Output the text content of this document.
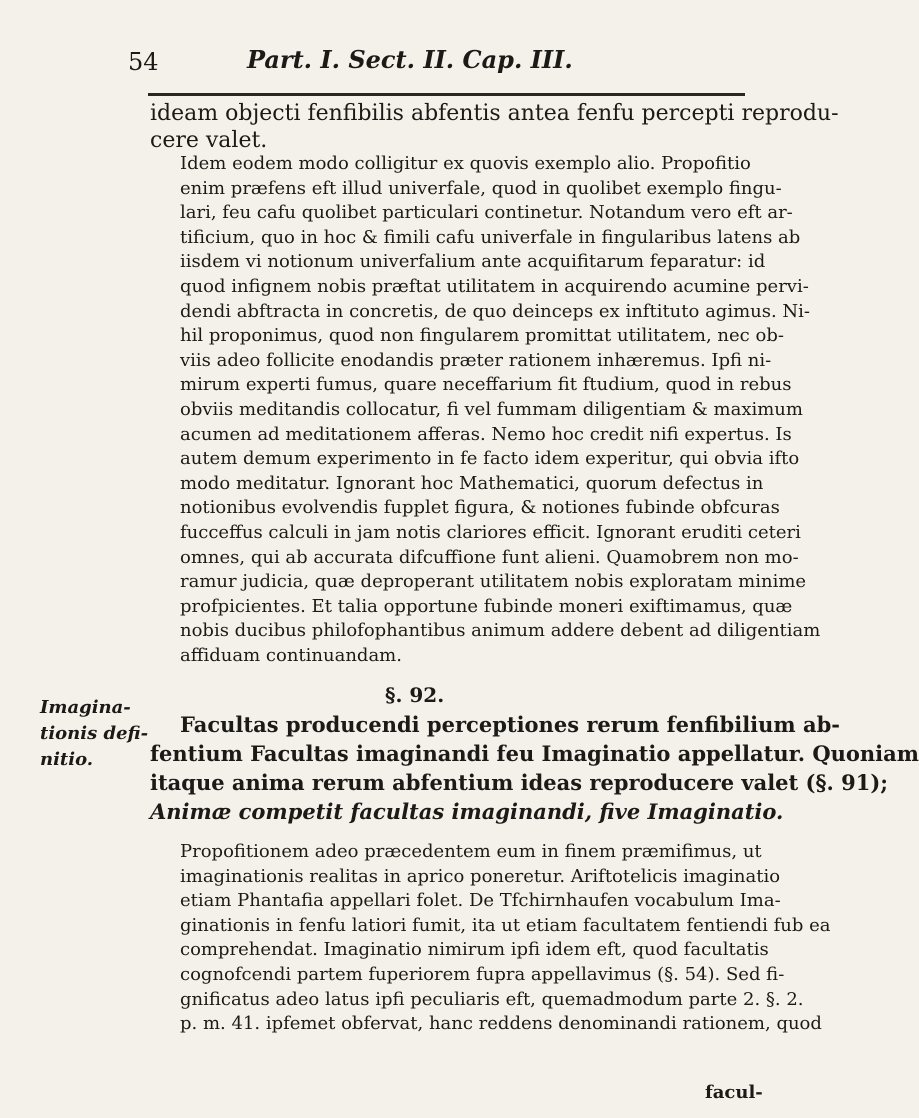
54	Part. I. Sect. II. Cap. III.
ideam objecti fenfibilis abfentis antea fenfu percepti reprodu-
cere valet.
Idem eodem modo colligitur ex quovis exemplo alio. Propofitio
enim præfens eft illud univerfale, quod in quolibet exemplo fingu-
lari, feu cafu quolibet particulari continetur. Notandum vero eft ar-
tificium, quo in hoc & fimili cafu univerfale in fingularibus latens ab
iisdem vi notionum univerfalium ante acquifitarum feparatur: id
quod infignem nobis præftat utilitatem in acquirendo acumine pervi-
dendi abftracta in concretis, de quo deinceps ex inftituto agimus. Ni-
hil proponimus, quod non fingularem promittat utilitatem, nec ob-
viis adeo follicite enodandis præter rationem inhæremus. Ipfi ni-
mirum experti fumus, quare neceffarium fit ftudium, quod in rebus
obviis meditandis collocatur, fi vel fummam diligentiam & maximum
acumen ad meditationem afferas. Nemo hoc credit nifi expertus. Is
autem demum experimento in fe facto idem experitur, qui obvia ifto
modo meditatur. Ignorant hoc Mathematici, quorum defectus in
notionibus evolvendis fupplet figura, & notiones fubinde obfcuras
fucceffus calculi in jam notis clariores efficit. Ignorant eruditi ceteri
omnes, qui ab accurata difcuffione funt alieni. Quamobrem non mo-
ramur judicia, quæ deproperant utilitatem nobis exploratam minime
profpicientes. Et talia opportune fubinde moneri exiftimamus, quæ
nobis ducibus philofophantibus animum addere debent ad diligentiam
affiduam continuandam.
§. 92.
Imagina-
tionis defi-
nitio.
Facultas producendi perceptiones rerum fenfibilium ab-
fentium Facultas imaginandi feu Imaginatio appellatur. Quoniam
itaque anima rerum abfentium ideas reproducere valet (§. 91);
Animæ competit facultas imaginandi, five Imaginatio.
Propofitionem adeo præcedentem eum in finem præmifimus, ut
imaginationis realitas in aprico poneretur. Ariftotelicis imaginatio
etiam Phantafia appellari folet. De Tfchirnhaufen vocabulum Ima-
ginationis in fenfu latiori fumit, ita ut etiam facultatem fentiendi fub ea
comprehendat. Imaginatio nimirum ipfi idem eft, quod facultatis
cognofcendi partem fuperiorem fupra appellavimus (§. 54). Sed fi-
gnificatus adeo latus ipfi peculiaris eft, quemadmodum parte 2. §. 2.
p. m. 41. ipfemet obfervat, hanc reddens denominandi rationem, quod
facul-
